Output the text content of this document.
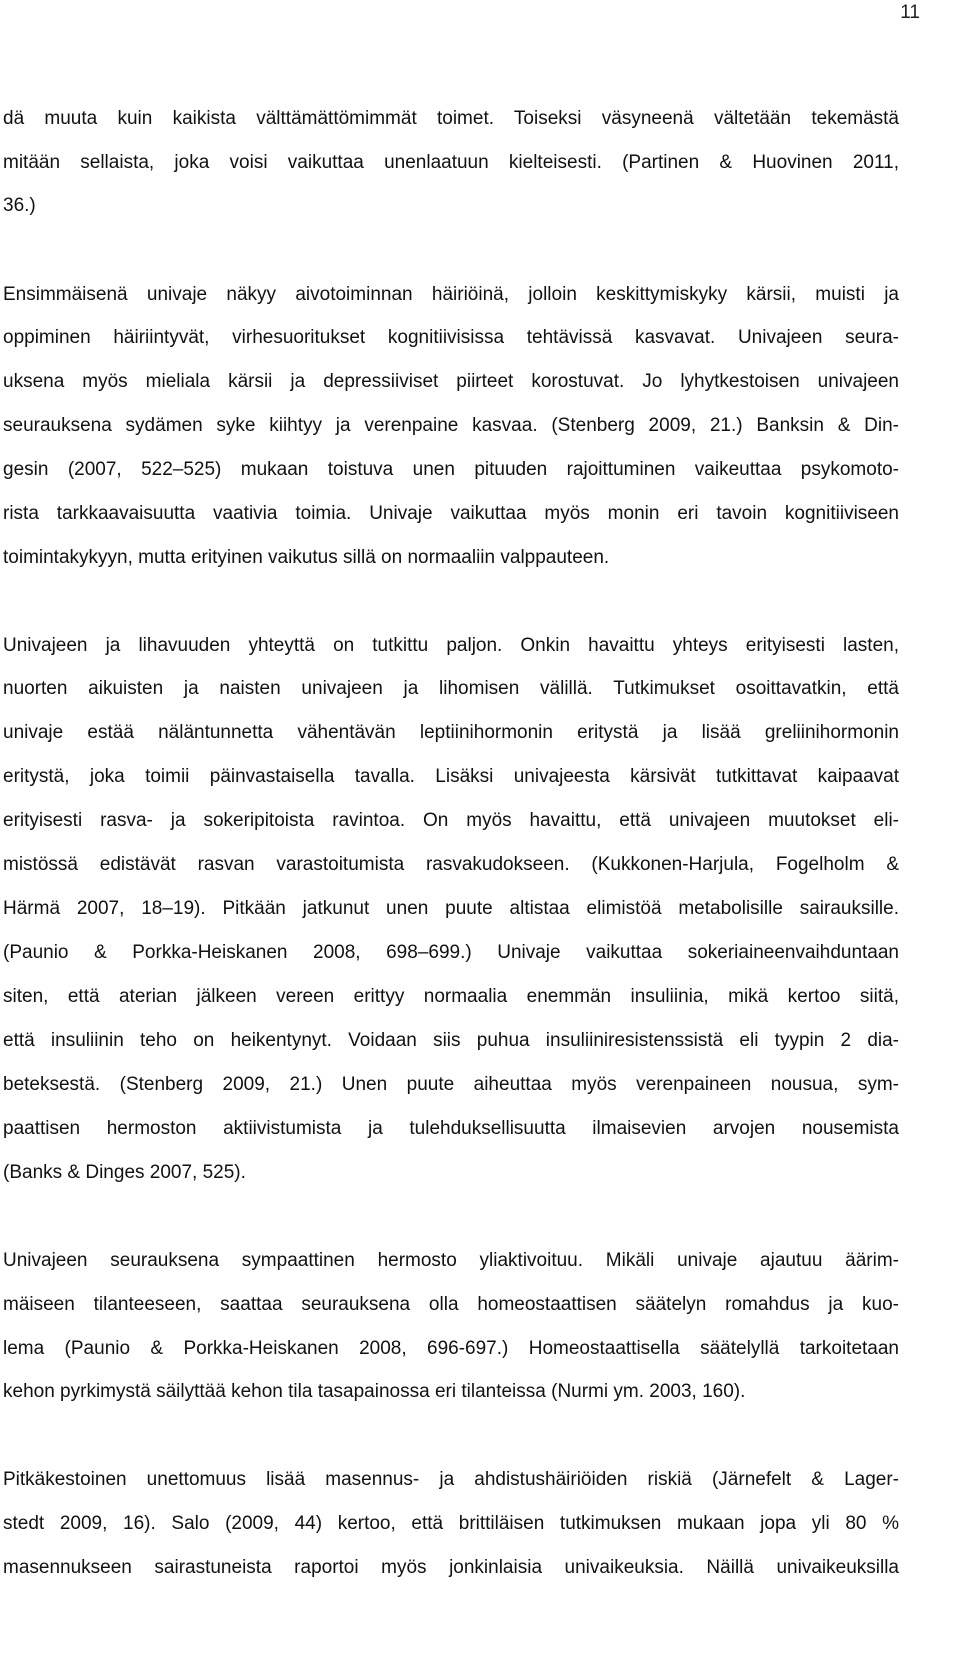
11
dä muuta kuin kaikista välttämättömimmät toimet. Toiseksi väsyneenä vältetään tekemästä
mitään sellaista, joka voisi vaikuttaa unenlaatuun kielteisesti. (Partinen & Huovinen 2011,
36.)
Ensimmäisenä univaje näkyy aivotoiminnan häiriöinä, jolloin keskittymiskyky kärsii, muisti ja
oppiminen häiriintyvät, virhesuoritukset kognitiivisissa tehtävissä kasvavat. Univajeen seura-
uksena myös mieliala kärsii ja depressiiviset piirteet korostuvat. Jo lyhytkestoisen univajeen
seurauksena sydämen syke kiihtyy ja verenpaine kasvaa. (Stenberg 2009, 21.) Banksin & Din-
gesin (2007, 522–525) mukaan toistuva unen pituuden rajoittuminen vaikeuttaa psykomoto-
rista tarkkaavaisuutta vaativia toimia. Univaje vaikuttaa myös monin eri tavoin kognitiiviseen
toimintakykyyn, mutta erityinen vaikutus sillä on normaaliin valppauteen.
Univajeen ja lihavuuden yhteyttä on tutkittu paljon. Onkin havaittu yhteys erityisesti lasten,
nuorten aikuisten ja naisten univajeen ja lihomisen välillä. Tutkimukset osoittavatkin, että
univaje estää näläntunnetta vähentävän leptiinihormonin eritystä ja lisää greliinihormonin
eritystä, joka toimii päinvastaisella tavalla. Lisäksi univajeesta kärsivät tutkittavat kaipaavat
erityisesti rasva- ja sokeripitoista ravintoa. On myös havaittu, että univajeen muutokset eli-
mistössä edistävät rasvan varastoitumista rasvakudokseen. (Kukkonen-Harjula, Fogelholm &
Härmä 2007, 18–19). Pitkään jatkunut unen puute altistaa elimistöä metabolisille sairauksille.
(Paunio & Porkka-Heiskanen 2008, 698–699.) Univaje vaikuttaa sokeriaineenvaihduntaan
siten, että aterian jälkeen vereen erittyy normaalia enemmän insuliinia, mikä kertoo siitä,
että insuliinin teho on heikentynyt. Voidaan siis puhua insuliiniresistenssistä eli tyypin 2 dia-
beteksestä. (Stenberg 2009, 21.) Unen puute aiheuttaa myös verenpaineen nousua, sym-
paattisen hermoston aktiivistumista ja tulehduksellisuutta ilmaisevien arvojen nousemista
(Banks & Dinges 2007, 525).
Univajeen seurauksena sympaattinen hermosto yliaktivoituu. Mikäli univaje ajautuu äärim-
mäiseen tilanteeseen, saattaa seurauksena olla homeostaattisen säätelyn romahdus ja kuo-
lema (Paunio & Porkka-Heiskanen 2008, 696-697.) Homeostaattisella säätelyllä tarkoitetaan
kehon pyrkimystä säilyttää kehon tila tasapainossa eri tilanteissa (Nurmi ym. 2003, 160).
Pitkäkestoinen unettomuus lisää masennus- ja ahdistushäiriöiden riskiä (Järnefelt & Lager-
stedt 2009, 16). Salo (2009, 44) kertoo, että brittiläisen tutkimuksen mukaan jopa yli 80 %
masennukseen sairastuneista raportoi myös jonkinlaisia univaikeuksia. Näillä univaikeuksilla
